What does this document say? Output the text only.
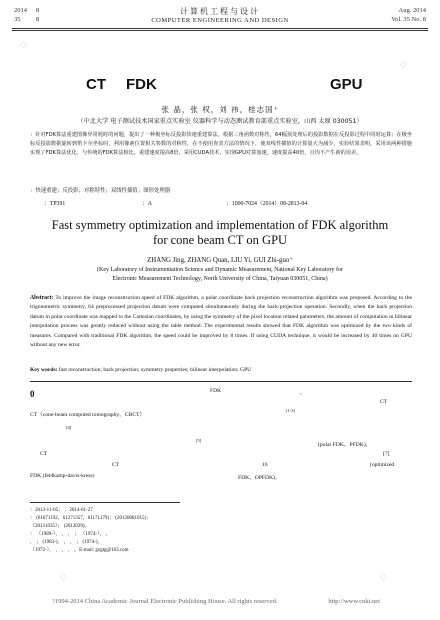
2014 8
35 8
计算机工程与设计
COMPUTER ENGINEERING AND DESIGN
Aug. 2014
Vol. 35 No. 8
CT FDK	GPU
张 晶，张 权，刘 祎，桂志国⁺
（中北大学 电子测试技术国家重点实验室 仪器科学与动态测试教育部重点实验室，山西 太原 030051）
：针对FDK算法重建图像异常耗时的问题，提出了一种极坐标反投影快速重建算法。根据三角函数对称性，64幅预处理后的投影数据在反投影过程中同时运算；在极坐标反投影数据旋转到笛卡尔坐标时，利用像素位置相关参数的对称性，在不使用查表方法的情况下，使双线性插值的计算量大为减少，实验结果表明，采用该两种措施实现了FDK算法优化，与传统的FDK算法相比，重建速度提高8倍。采用CUDA技术，实现GPU对算加速，速度提高40倍，且均不产生新的误差。
：快速重建；反投影；对称特性；双线性插值；图形处理器
：TP391	：A	：1000-7024（2014）08-2813-04
Fast symmetry optimization and implementation of FDK algorithm
for cone beam CT on GPU
ZHANG Jing, ZHANG Quan, LIU Yi, GUI Zhi-guo⁺
(Key Laboratory of Instrumentation Science and Dynamic Measurement, National Key Laboratory for
Electronic Measurement Technology, North University of China, Taiyuan 030051, China)
Abstract: To improve the image reconstruction speed of FDK algorithm, a polar coordinate back projection reconstruction algorithm was proposed. According to the trigonometric symmetry, 64 preprocessed projection datum were computed simultaneously during the back-projection operation. Secondly, when the back projection datum in polar coordinate was mapped to the Cartesian coordinates, by using the symmetry of the pixel location related parameters, the amount of computation in bilinear interpolation process was greatly reduced without using the table method. The experimental results showed that FDK algorithm was optimized by the two kinds of measures. Compared with traditional FDK algorithm, the speed could be improved by 8 times. If using CUDA technique, it would be increased by 40 times on GPU without any new error.
Key words: fast reconstruction; back projection; symmetry properties; bilinear interpolation; GPU
0	FDK	，
CT
CT（cone-beam computed tomography，CBCT）
[1-3]
[4]
[5]
(polar FDK，PFDK)，
CT	[7]
CT	16	(optimized
FDK (feldkamp-davis-kress)	FDK，OPFDK)。
：2013-11-05； ：2014-01-27
： (61071192，61271357，61171179)； (20120081015)；
（20131035）； (2012039)。
： （1989-）， ， ， ； （1974-）， ，
， ； (1983-)， ， ， ； (1974-)，
（1972-）， ， ， ， 。E-mail: gzgtg@163.com
?1994-2014 China Academic Journal Electronic Publishing House. All rights reserved.	http://www.cnki.net
◇
◇
◇	◇
